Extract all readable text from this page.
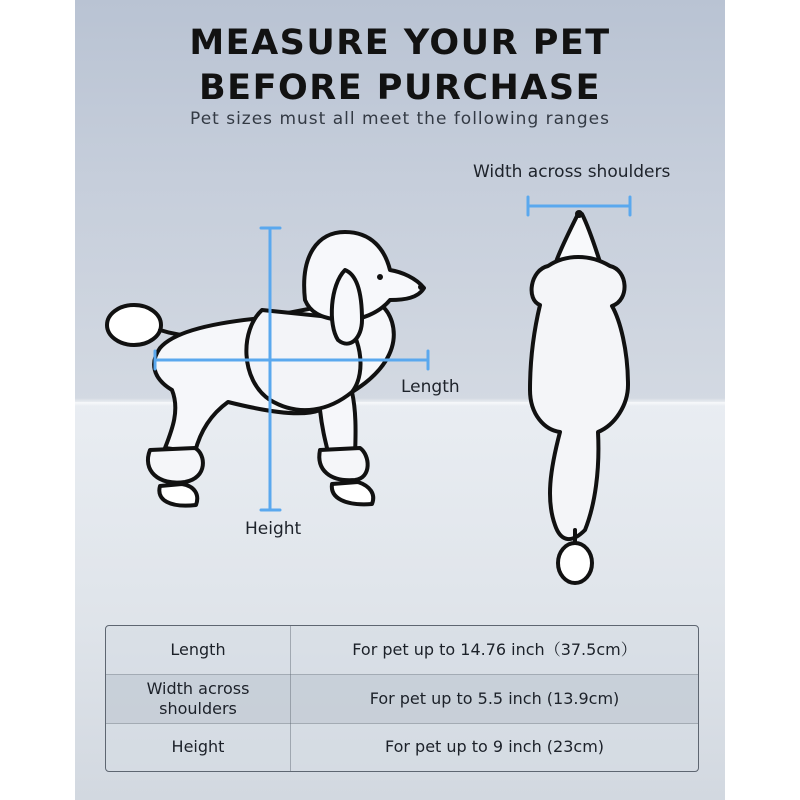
MEASURE YOUR PET
BEFORE PURCHASE
Pet sizes must all meet the following ranges
Width across shoulders
Length
Height
Length	For pet up to 14.76 inch（37.5cm）
Width across shoulders
For pet up to 5.5 inch (13.9cm)
Height	For pet up to 9 inch (23cm)
